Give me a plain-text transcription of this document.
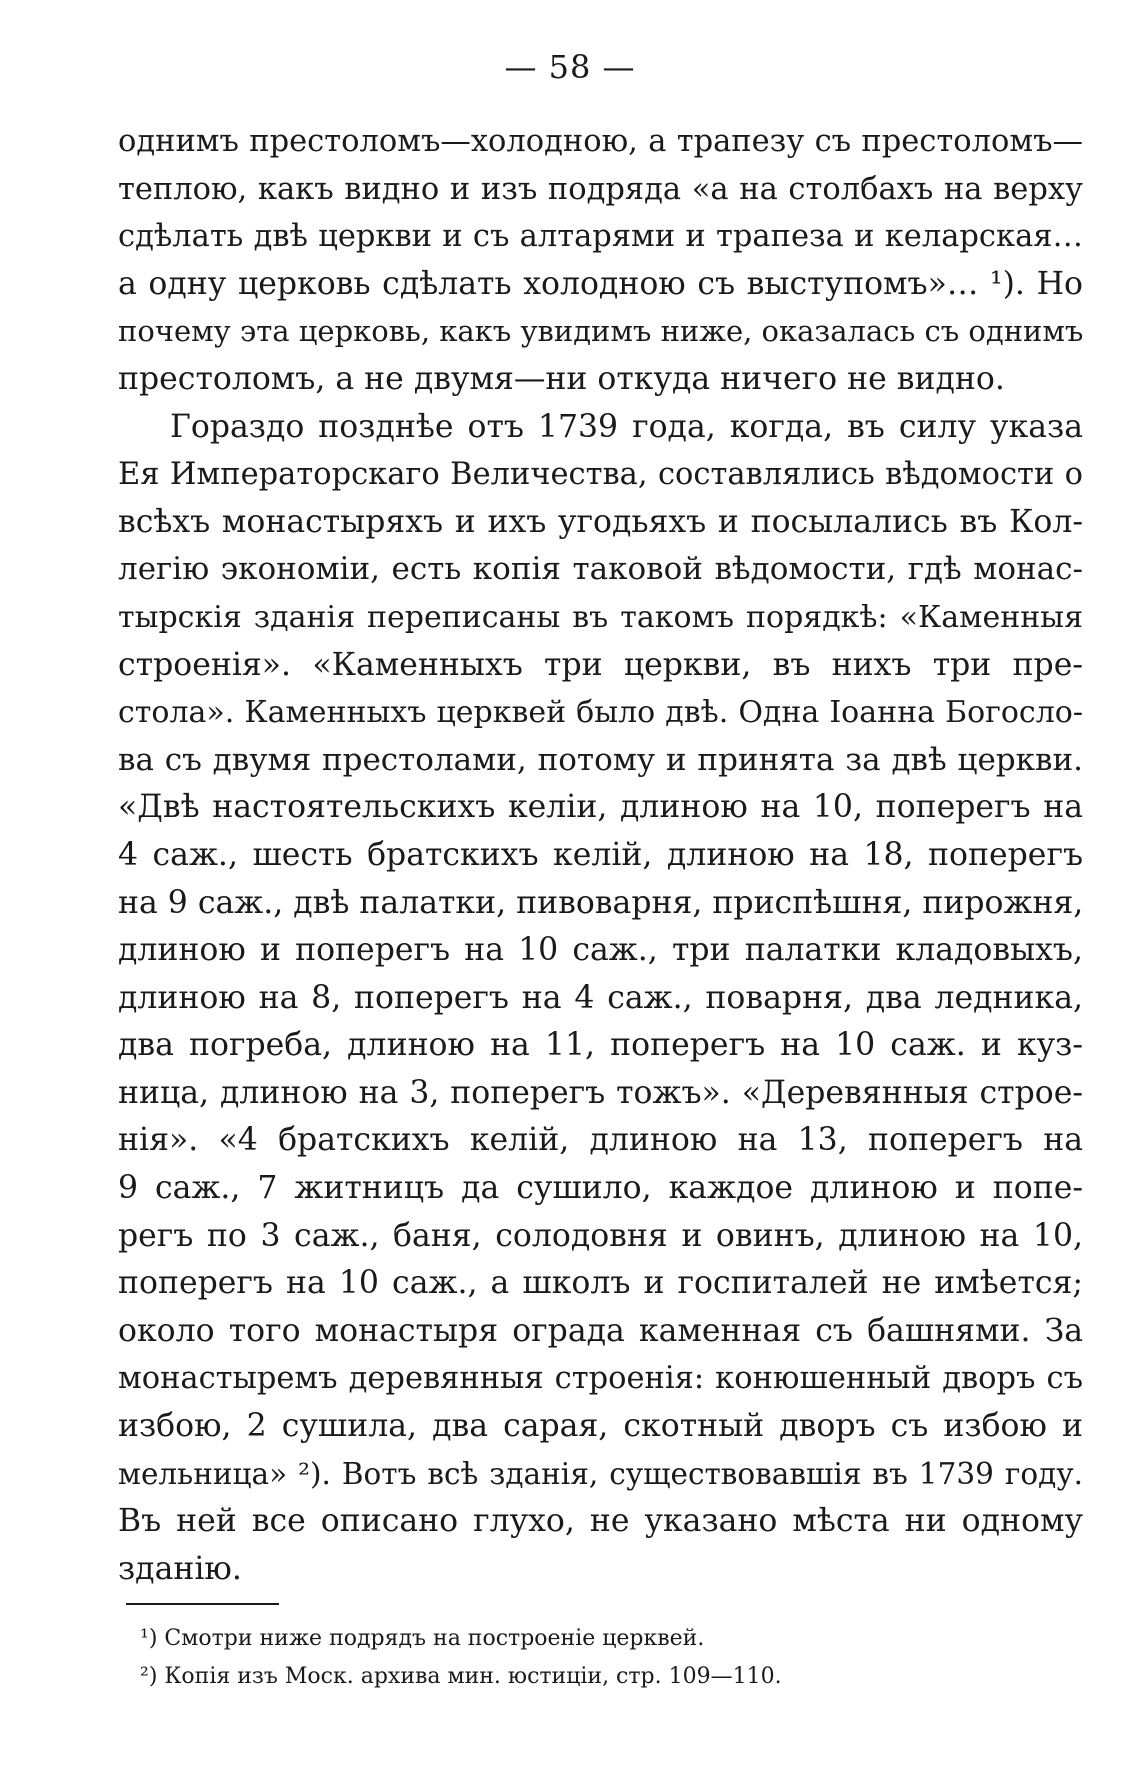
— 58 —
однимъ престоломъ—холодною, а трапезу съ престоломъ—
теплою, какъ видно и изъ подряда «а на столбахъ на верху
сдѣлать двѣ церкви и съ алтарями и трапеза и келарская…
а одну церковь сдѣлать холодною съ выступомъ»… ¹). Но
почему эта церковь, какъ увидимъ ниже, оказалась съ однимъ
престоломъ, а не двумя—ни откуда ничего не видно.
Гораздо позднѣе отъ 1739 года, когда, въ силу указа
Ея Императорскаго Величества, составлялись вѣдомости о
всѣхъ монастыряхъ и ихъ угодьяхъ и посылались въ Кол-
легію экономіи, есть копія таковой вѣдомости, гдѣ монас-
тырскія зданія переписаны въ такомъ порядкѣ: «Каменныя
строенія». «Каменныхъ три церкви, въ нихъ три пре-
стола». Каменныхъ церквей было двѣ. Одна Іоанна Богосло-
ва съ двумя престолами, потому и принята за двѣ церкви.
«Двѣ настоятельскихъ келіи, длиною на 10, поперегъ на
4 саж., шесть братскихъ келій, длиною на 18, поперегъ
на 9 саж., двѣ палатки, пивоварня, приспѣшня, пирожня,
длиною и поперегъ на 10 саж., три палатки кладовыхъ,
длиною на 8, поперегъ на 4 саж., поварня, два ледника,
два погреба, длиною на 11, поперегъ на 10 саж. и куз-
ница, длиною на 3, поперегъ тожъ». «Деревянныя строе-
нія». «4 братскихъ келій, длиною на 13, поперегъ на
9 саж., 7 житницъ да сушило, каждое длиною и попе-
регъ по 3 саж., баня, солодовня и овинъ, длиною на 10,
поперегъ на 10 саж., а школъ и госпиталей не имѣется;
около того монастыря ограда каменная съ башнями. За
монастыремъ деревянныя строенія: конюшенный дворъ съ
избою, 2 сушила, два сарая, скотный дворъ съ избою и
мельница» ²). Вотъ всѣ зданія, существовавшія въ 1739 году.
Въ ней все описано глухо, не указано мѣста ни одному
зданію.
¹) Смотри ниже подрядъ на построеніе церквей.
²) Копія изъ Моск. архива мин. юстиціи, стр. 109—110.
